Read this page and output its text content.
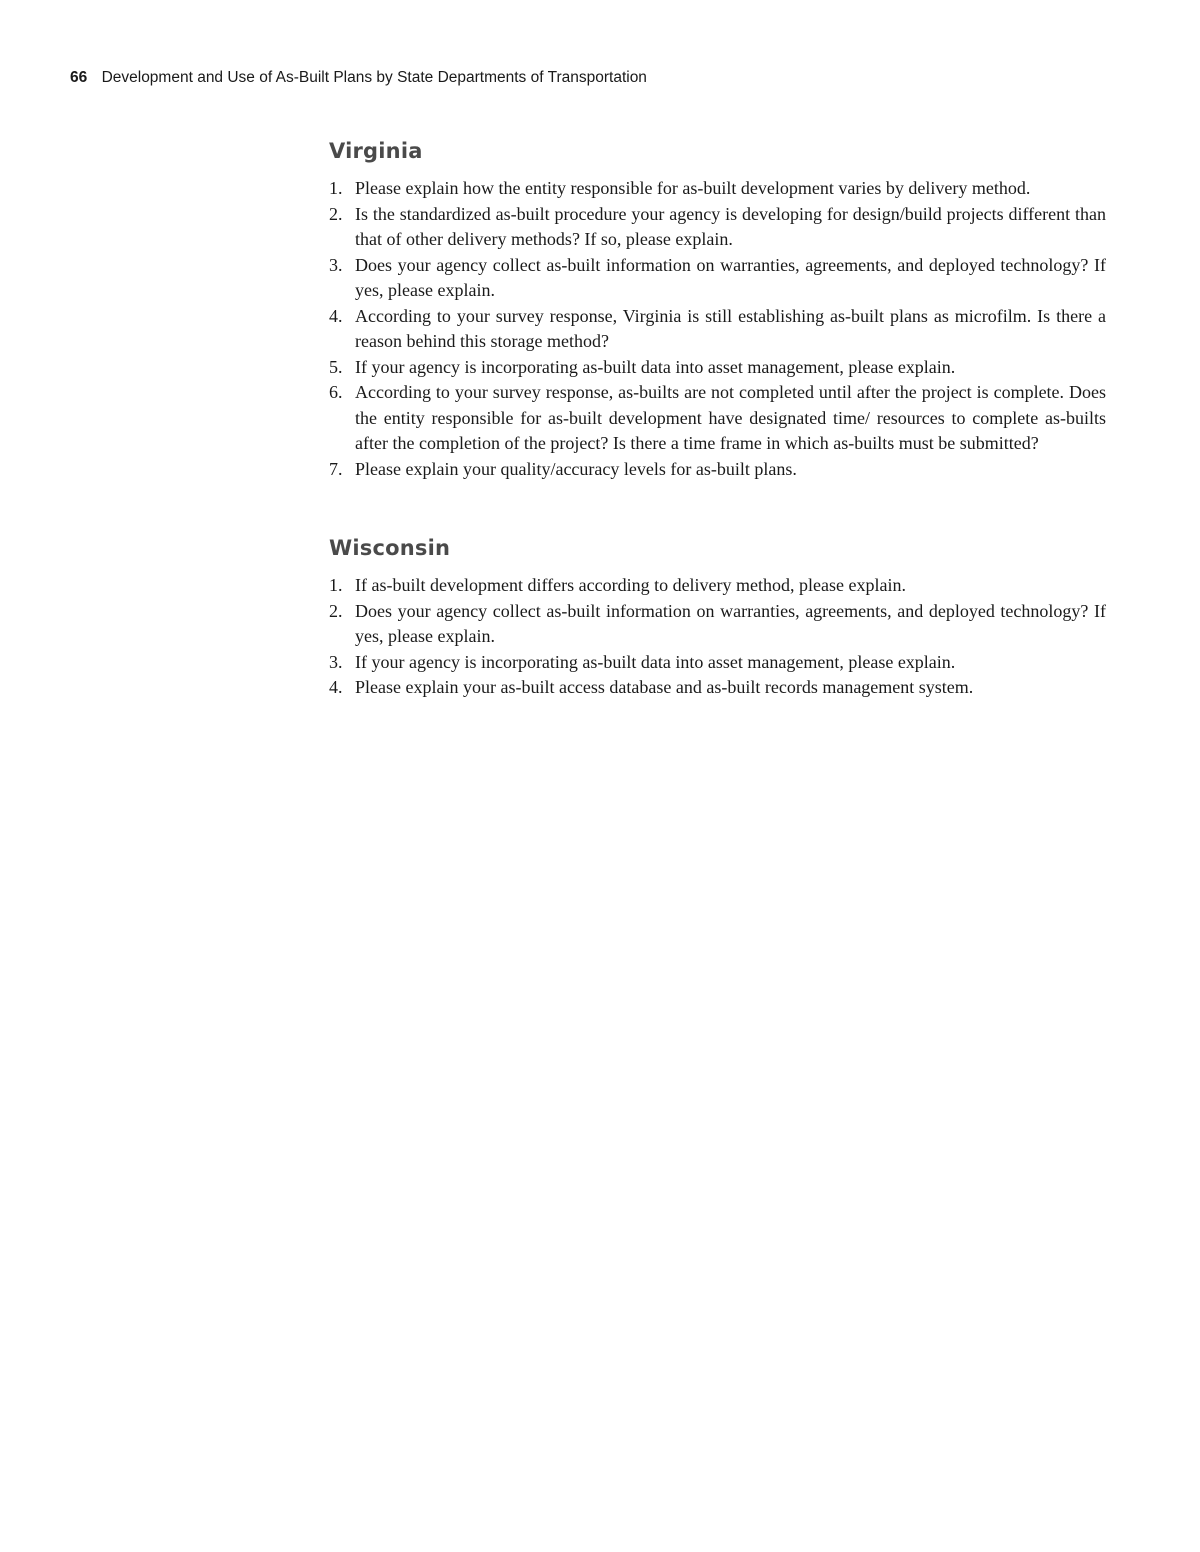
66 Development and Use of As-Built Plans by State Departments of Transportation
Virginia
1. Please explain how the entity responsible for as-built development varies by delivery method.
2. Is the standardized as-built procedure your agency is developing for design/build projects different than that of other delivery methods? If so, please explain.
3. Does your agency collect as-built information on warranties, agreements, and deployed technology? If yes, please explain.
4. According to your survey response, Virginia is still establishing as-built plans as microfilm. Is there a reason behind this storage method?
5. If your agency is incorporating as-built data into asset management, please explain.
6. According to your survey response, as-builts are not completed until after the project is complete. Does the entity responsible for as-built development have designated time/ resources to complete as-builts after the completion of the project? Is there a time frame in which as-builts must be submitted?
7. Please explain your quality/accuracy levels for as-built plans.
Wisconsin
1. If as-built development differs according to delivery method, please explain.
2. Does your agency collect as-built information on warranties, agreements, and deployed technology? If yes, please explain.
3. If your agency is incorporating as-built data into asset management, please explain.
4. Please explain your as-built access database and as-built records management system.
